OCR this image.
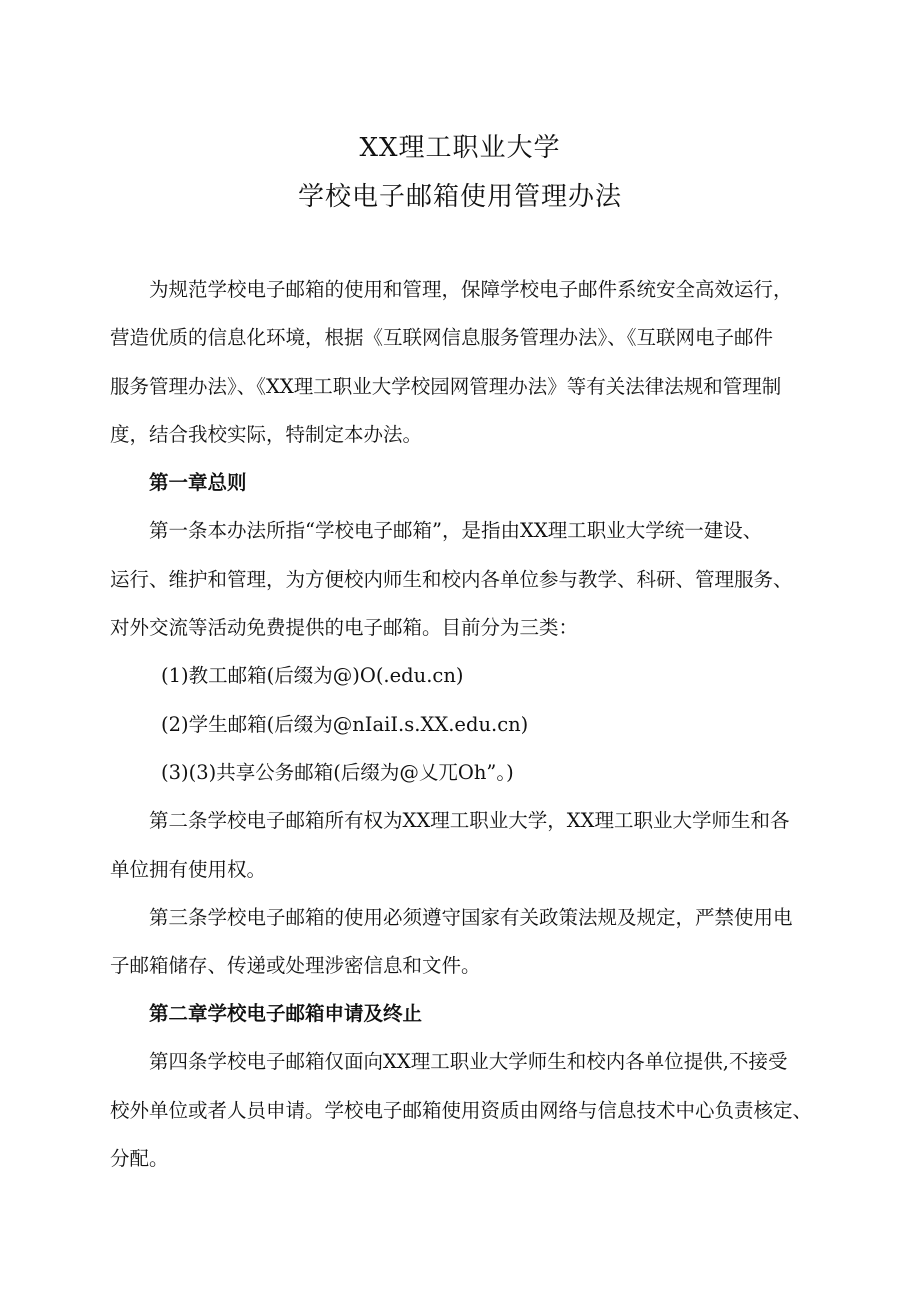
XX理工职业大学
学校电子邮箱使用管理办法
为规范学校电子邮箱的使用和管理，保障学校电子邮件系统安全高效运行，
营造优质的信息化环境，根据《互联网信息服务管理办法》、《互联网电子邮件
服务管理办法》、《XX理工职业大学校园网管理办法》等有关法律法规和管理制
度，结合我校实际，特制定本办法。
第一章总则
第一条本办法所指“学校电子邮箱”，是指由XX理工职业大学统一建设、
运行、维护和管理，为方便校内师生和校内各单位参与教学、科研、管理服务、
对外交流等活动免费提供的电子邮箱。目前分为三类：
(1)教工邮箱(后缀为@)O(.edu.cn)
(2)学生邮箱(后缀为@nIaiI.s.XX.edu.cn)
(3)(3)共享公务邮箱(后缀为@乂兀Oh”。)
第二条学校电子邮箱所有权为XX理工职业大学，XX理工职业大学师生和各
单位拥有使用权。
第三条学校电子邮箱的使用必须遵守国家有关政策法规及规定，严禁使用电
子邮箱储存、传递或处理涉密信息和文件。
第二章学校电子邮箱申请及终止
第四条学校电子邮箱仅面向XX理工职业大学师生和校内各单位提供,不接受
校外单位或者人员申请。学校电子邮箱使用资质由网络与信息技术中心负责核定、
分配。
